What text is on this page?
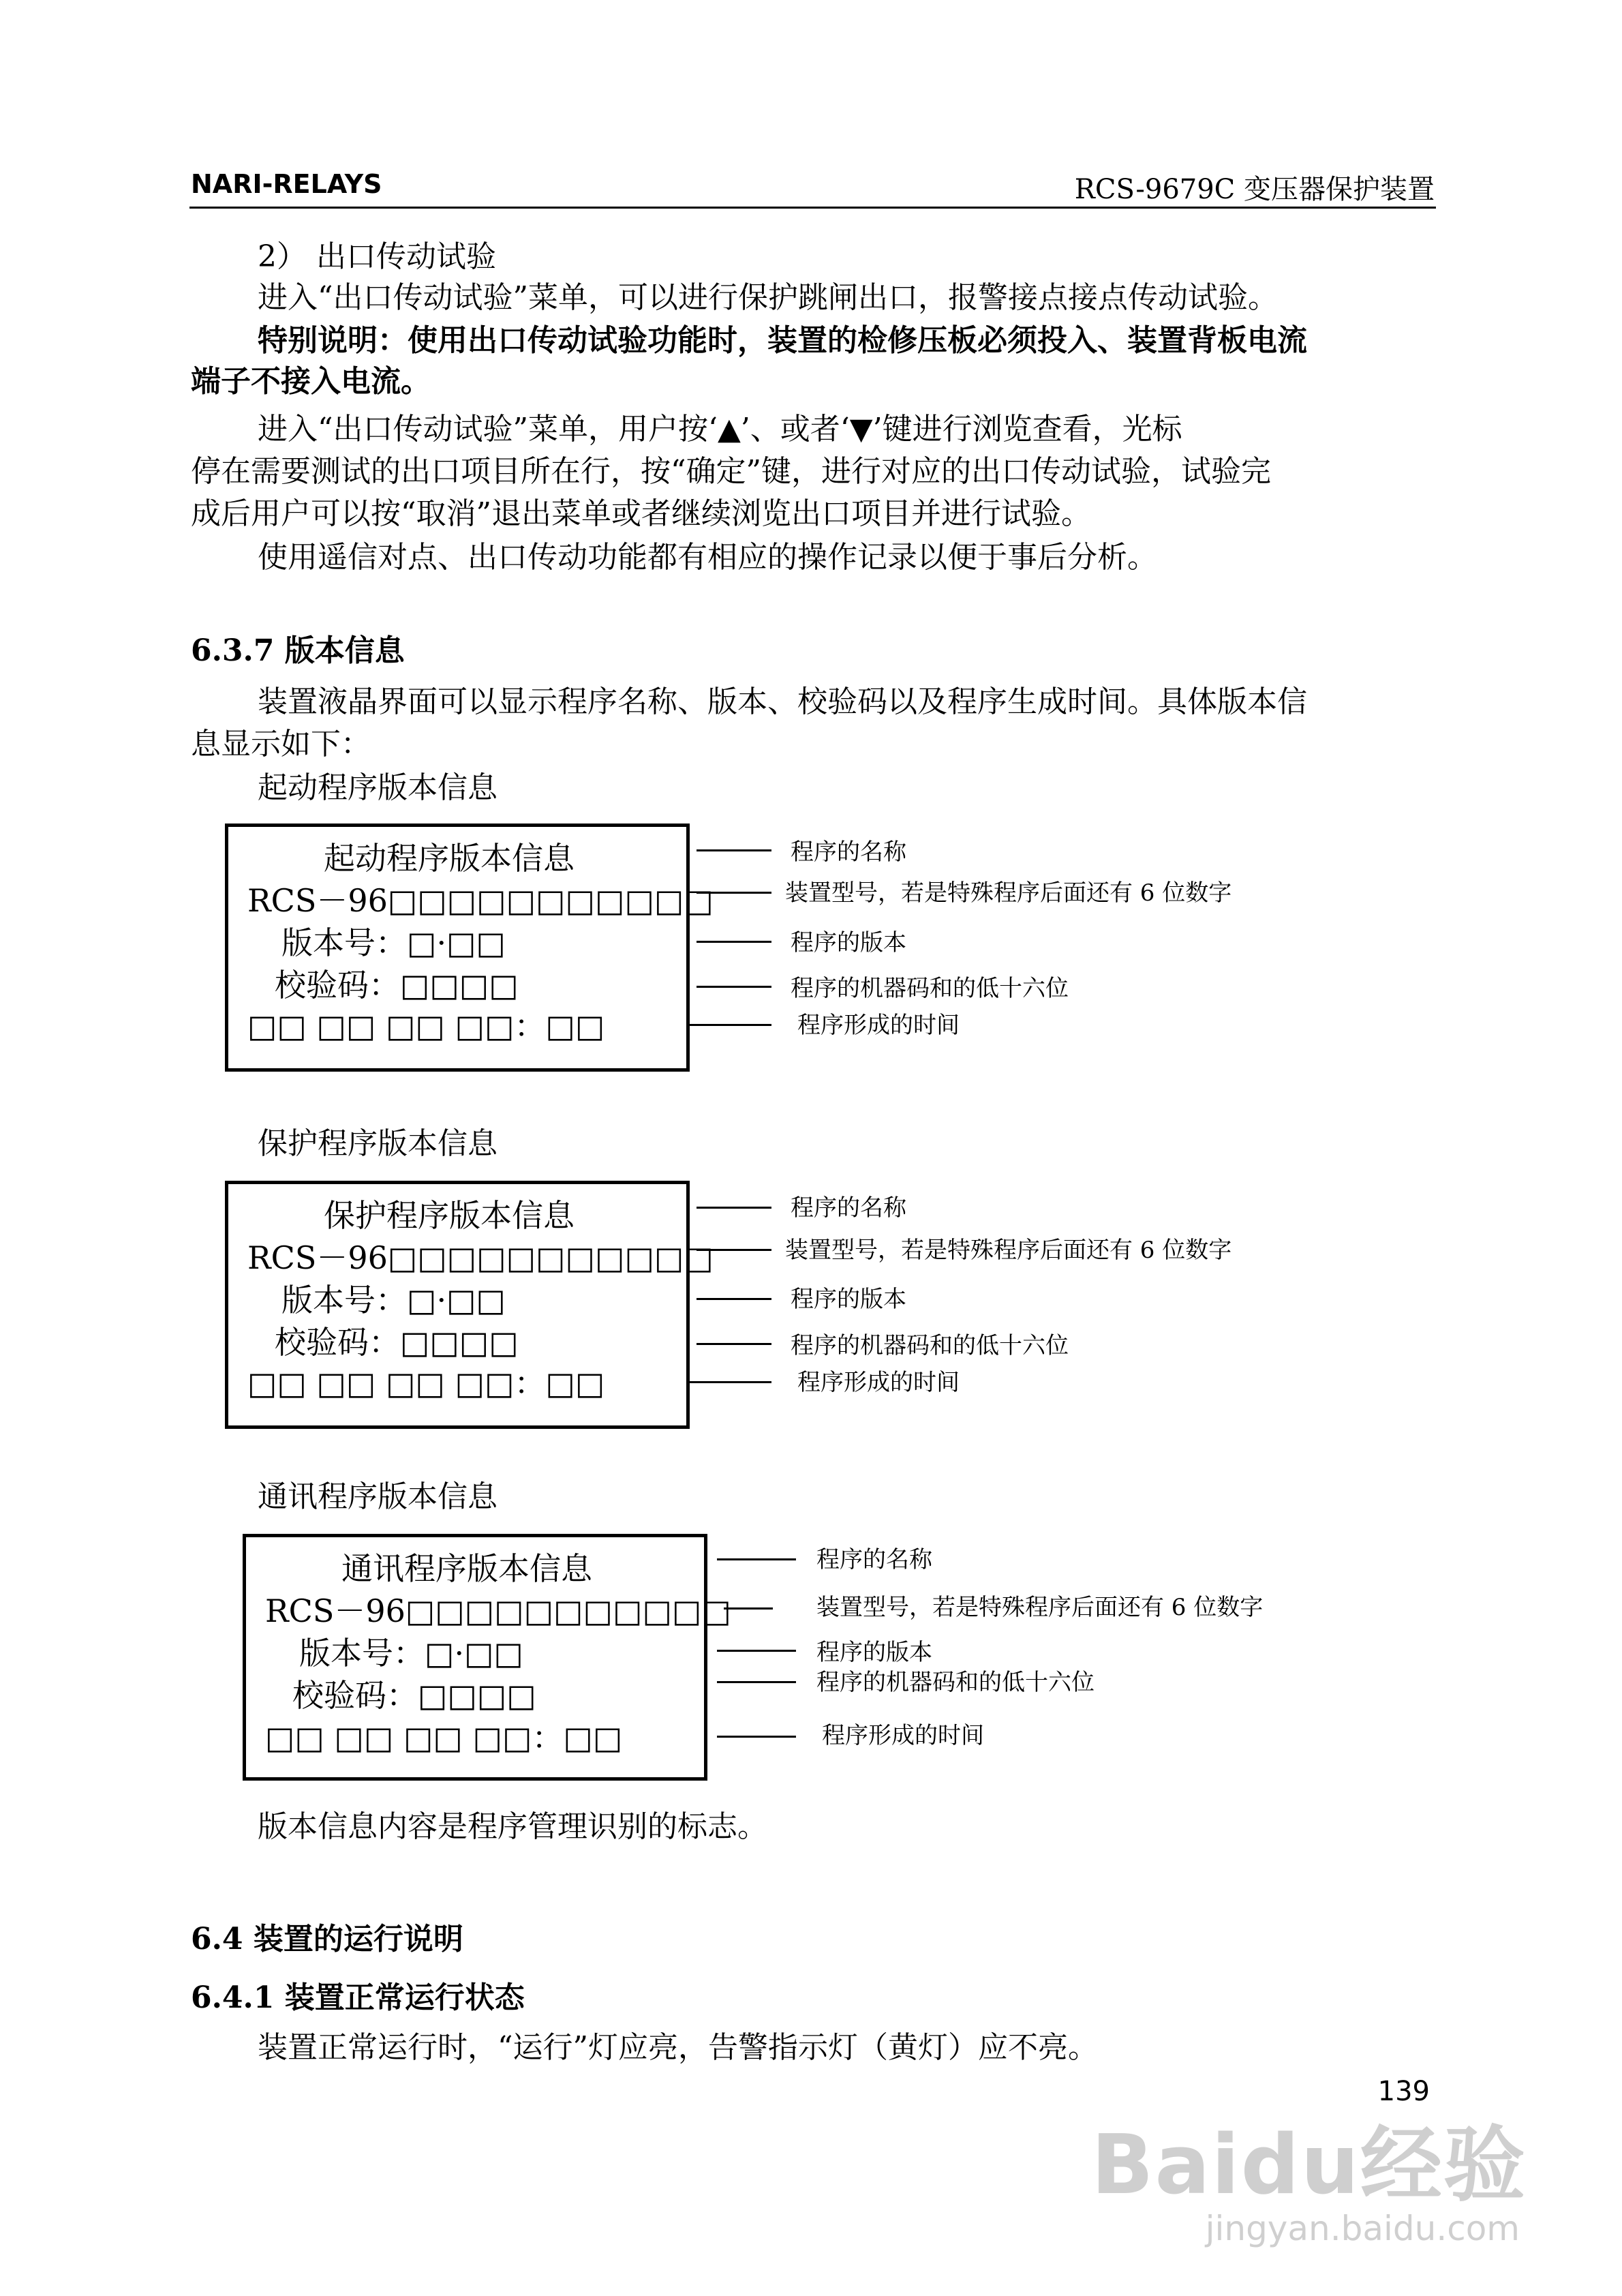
NARI-RELAYS	RCS-9679C 变压器保护装置
2） 出口传动试验
进入“出口传动试验”菜单，可以进行保护跳闸出口，报警接点接点传动试验。
特别说明：使用出口传动试验功能时，装置的检修压板必须投入、装置背板电流
端子不接入电流。
进入“出口传动试验”菜单，用户按‘▲’、或者‘▼’键进行浏览查看，光标
停在需要测试的出口项目所在行，按“确定”键，进行对应的出口传动试验，试验完
成后用户可以按“取消”退出菜单或者继续浏览出口项目并进行试验。
使用遥信对点、出口传动功能都有相应的操作记录以便于事后分析。
6.3.7 版本信息
装置液晶界面可以显示程序名称、版本、校验码以及程序生成时间。具体版本信
息显示如下：
起动程序版本信息
起动程序版本信息
RCS－96□□□□□□□□□□□
版本号：□·□□
校验码：□□□□
□□ □□ □□ □□：□□
程序的名称
装置型号，若是特殊程序后面还有 6 位数字
程序的版本
程序的机器码和的低十六位
程序形成的时间
保护程序版本信息
保护程序版本信息
RCS－96□□□□□□□□□□□
版本号：□·□□
校验码：□□□□
□□ □□ □□ □□：□□
程序的名称
装置型号，若是特殊程序后面还有 6 位数字
程序的版本
程序的机器码和的低十六位
程序形成的时间
通讯程序版本信息
通讯程序版本信息
RCS－96□□□□□□□□□□□
版本号：□·□□
校验码：□□□□
□□ □□ □□ □□：□□
程序的名称
装置型号，若是特殊程序后面还有 6 位数字
程序的版本
程序的机器码和的低十六位
程序形成的时间
版本信息内容是程序管理识别的标志。
6.4 装置的运行说明
6.4.1 装置正常运行状态
装置正常运行时，“运行”灯应亮，告警指示灯（黄灯）应不亮。
139
Baidu经验
jingyan.baidu.com
